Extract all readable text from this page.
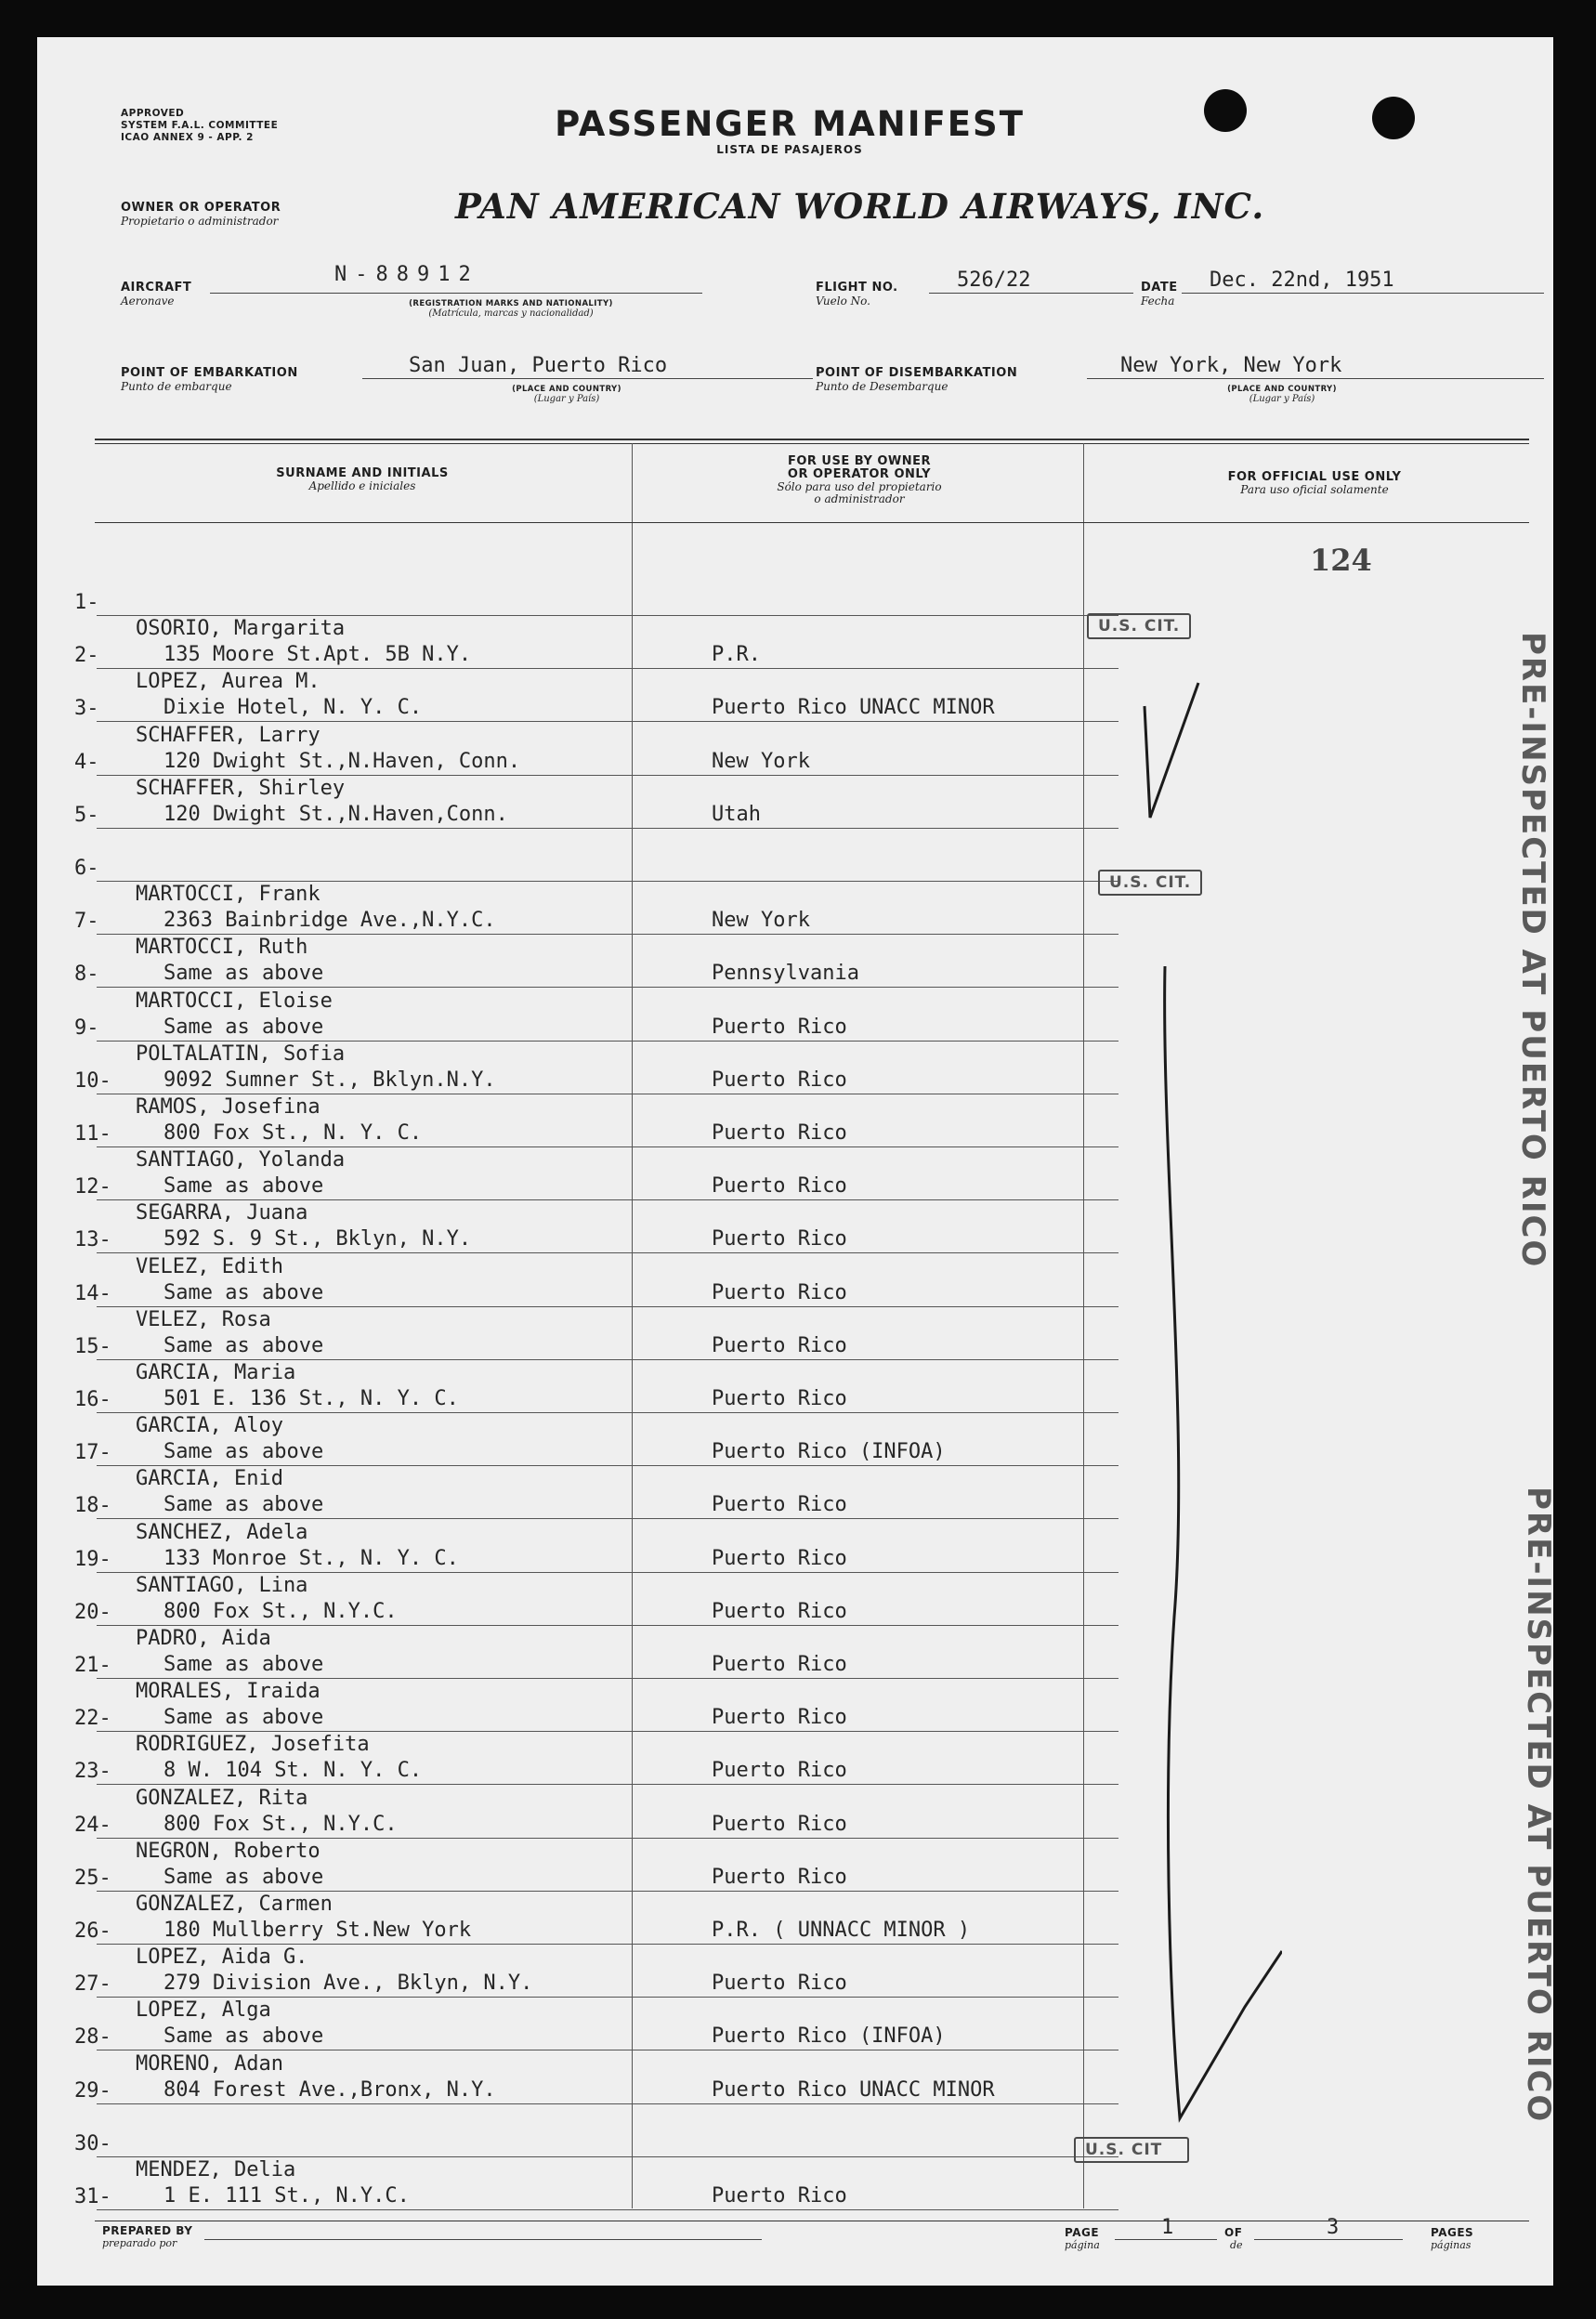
APPROVED
SYSTEM F.A.L. COMMITTEE
ICAO ANNEX 9 - APP. 2	PASSENGER MANIFEST
LISTA DE PASAJEROS
OWNER OR OPERATOR
Propietario o administrador	PAN AMERICAN WORLD AIRWAYS, INC.
AIRCRAFT
Aeronave
N-88912
(REGISTRATION MARKS AND NATIONALITY)
(Matrícula, marcas y nacionalidad)
FLIGHT NO.
Vuelo No.
526/22	DATE
Fecha
Dec. 22nd, 1951
POINT OF EMBARKATION
Punto de embarque
San Juan, Puerto Rico
(PLACE AND COUNTRY)
(Lugar y País)
POINT OF DISEMBARKATION
Punto de Desembarque
New York, New York
(PLACE AND COUNTRY)
(Lugar y País)
SURNAME AND INITIALS
Apellido e iniciales
FOR USE BY OWNER
OR OPERATOR ONLY
Sólo para uso del propietario
o administrador
FOR OFFICIAL USE ONLY
Para uso oficial solamente
1-
2-
OSORIO, Margarita
135 Moore St.Apt. 5B N.Y.	P.R.
3-
LOPEZ, Aurea M.
Dixie Hotel, N. Y. C.	Puerto Rico UNACC MINOR
4-
SCHAFFER, Larry
120 Dwight St.,N.Haven, Conn.	New York
5-
SCHAFFER, Shirley
120 Dwight St.,N.Haven,Conn.	Utah
6-
7-
MARTOCCI, Frank
2363 Bainbridge Ave.,N.Y.C.	New York
8-
MARTOCCI, Ruth
Same as above	Pennsylvania
9-
MARTOCCI, Eloise
Same as above	Puerto Rico
10-
POLTALATIN, Sofia
9092 Sumner St., Bklyn.N.Y.	Puerto Rico
11-
RAMOS, Josefina
800 Fox St., N. Y. C.	Puerto Rico
12-
SANTIAGO, Yolanda
Same as above	Puerto Rico
13-
SEGARRA, Juana
592 S. 9 St., Bklyn, N.Y.	Puerto Rico
14-
VELEZ, Edith
Same as above	Puerto Rico
15-
VELEZ, Rosa
Same as above	Puerto Rico
16-
GARCIA, Maria
501 E. 136 St., N. Y. C.	Puerto Rico
17-
GARCIA, Aloy
Same as above	Puerto Rico (INFOA)
18-
GARCIA, Enid
Same as above	Puerto Rico
19-
SANCHEZ, Adela
133 Monroe St., N. Y. C.	Puerto Rico
20-
SANTIAGO, Lina
800 Fox St., N.Y.C.	Puerto Rico
21-
PADRO, Aida
Same as above	Puerto Rico
22-
MORALES, Iraida
Same as above	Puerto Rico
23-
RODRIGUEZ, Josefita
8 W. 104 St. N. Y. C.	Puerto Rico
24-
GONZALEZ, Rita
800 Fox St., N.Y.C.	Puerto Rico
25-
NEGRON, Roberto
Same as above	Puerto Rico
26-
GONZALEZ, Carmen
180 Mullberry St.New York	P.R. ( UNNACC MINOR )
27-
LOPEZ, Aida G.
279 Division Ave., Bklyn, N.Y.	Puerto Rico
28-
LOPEZ, Alga
Same as above	Puerto Rico (INFOA)
29-
MORENO, Adan
804 Forest Ave.,Bronx, N.Y.	Puerto Rico UNACC MINOR
30-
31-
MENDEZ, Delia
1 E. 111 St., N.Y.C.	Puerto Rico
124
U.S. CIT.
U.S. CIT.
U.S. CIT
PRE-INSPECTED AT PUERTO RICO
PRE-INSPECTED AT PUERTO RICO
PREPARED BY
preparado por
PAGE
página
1	OF
de
3	PAGES
páginas
